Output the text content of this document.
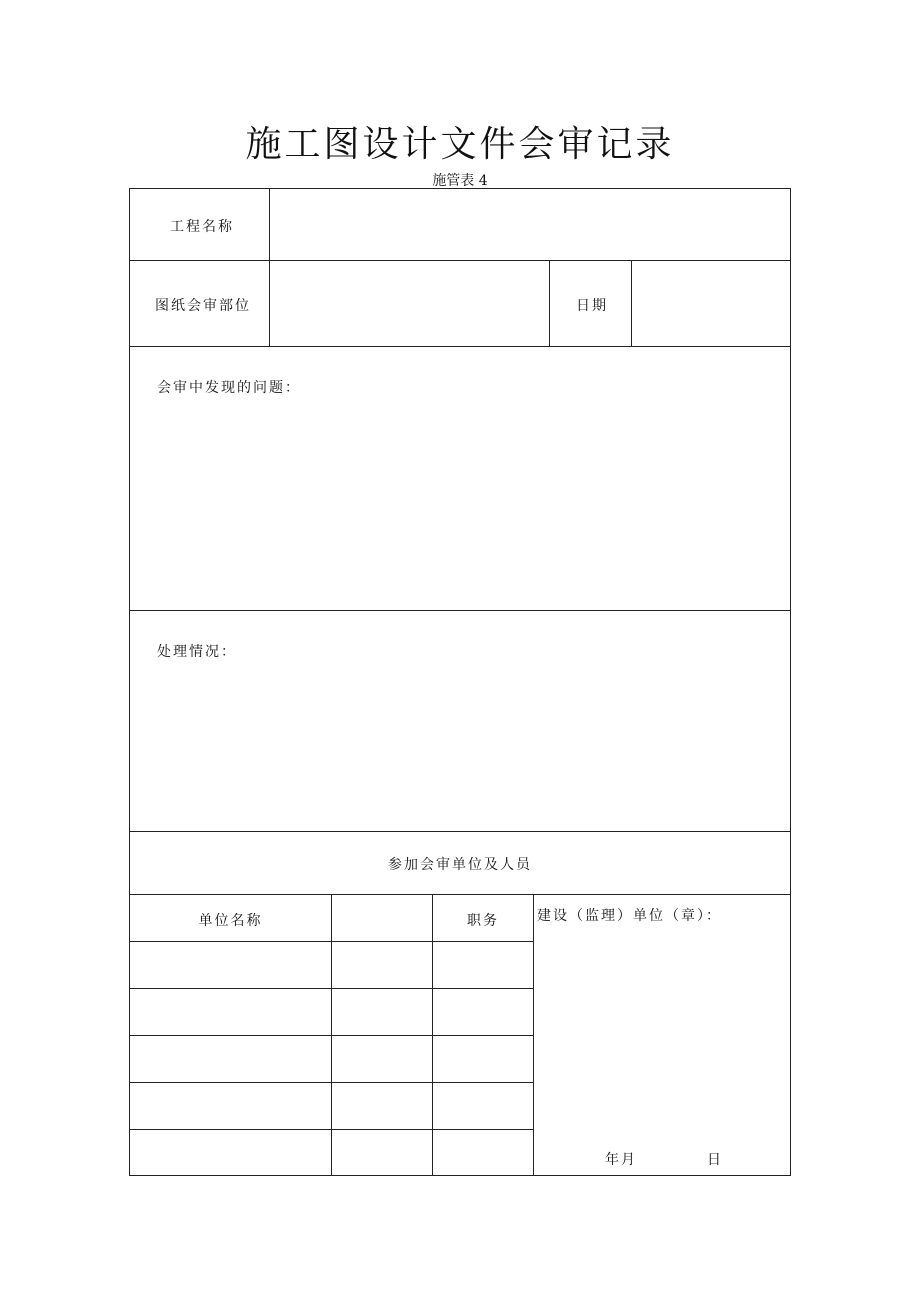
施工图设计文件会审记录
施管表 4
工程名称
图纸会审部位	日期
会审中发现的问题：
处理情况：
参加会审单位及人员
单位名称	职务	建设（监理）单位（章）：
年月	日
